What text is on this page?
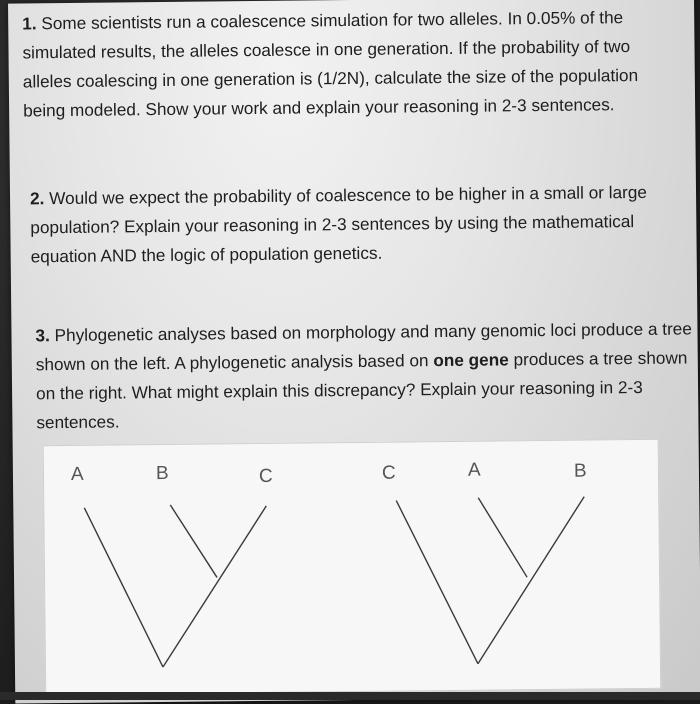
1. Some scientists run a coalescence simulation for two alleles. In 0.05% of the simulated results, the alleles coalesce in one generation. If the probability of two alleles coalescing in one generation is (1/2N), calculate the size of the population being modeled. Show your work and explain your reasoning in 2-3 sentences.
2. Would we expect the probability of coalescence to be higher in a small or large population? Explain your reasoning in 2-3 sentences by using the mathematical equation AND the logic of population genetics.
3. Phylogenetic analyses based on morphology and many genomic loci produce a tree shown on the left. A phylogenetic analysis based on one gene produces a tree shown on the right. What might explain this discrepancy? Explain your reasoning in 2-3 sentences.
A	B	C	C	A	B
